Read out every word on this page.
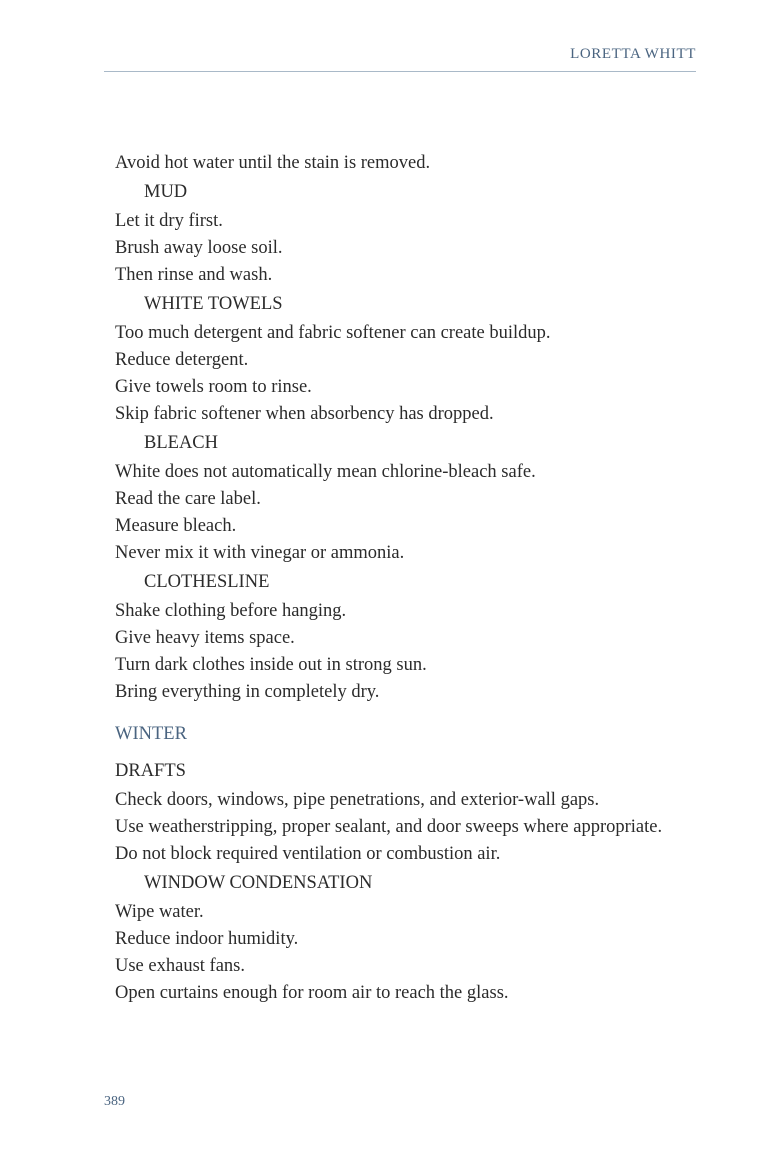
LORETTA WHITT

Avoid hot water until the stain is removed.

MUD

Let it dry first.

Brush away loose soil.

Then rinse and wash.

WHITE TOWELS

Too much detergent and fabric softener can create buildup.

Reduce detergent.

Give towels room to rinse.

Skip fabric softener when absorbency has dropped.

BLEACH

White does not automatically mean chlorine-bleach safe.

Read the care label.

Measure bleach.

Never mix it with vinegar or ammonia.

CLOTHESLINE

Shake clothing before hanging.

Give heavy items space.

Turn dark clothes inside out in strong sun.

Bring everything in completely dry.

WINTER

DRAFTS

Check doors, windows, pipe penetrations, and exterior-wall gaps.

Use weatherstripping, proper sealant, and door sweeps where appropriate.

Do not block required ventilation or combustion air.

WINDOW CONDENSATION

Wipe water.

Reduce indoor humidity.

Use exhaust fans.

Open curtains enough for room air to reach the glass.

389
